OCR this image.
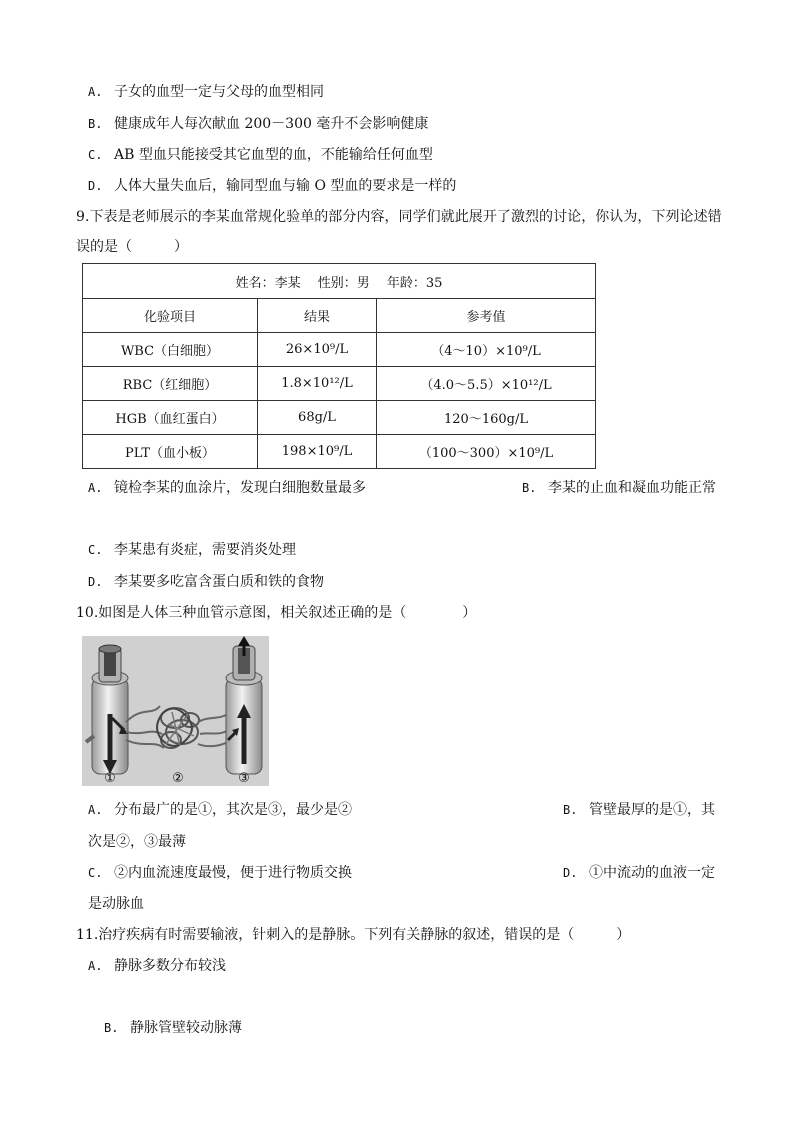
A. 子女的血型一定与父母的血型相同
B. 健康成年人每次献血 200－300 毫升不会影响健康
C. AB 型血只能接受其它血型的血，不能输给任何血型
D. 人体大量失血后，输同型血与输 O 型血的要求是一样的
9.下表是老师展示的李某血常规化验单的部分内容，同学们就此展开了激烈的讨论，你认为，下列论述错
误的是（　　　）
姓名：李某　 性别：男　 年龄：35		
化验项目	结果	参考值
WBC（白细胞）	26×10⁹/L	（4～10）×10⁹/L
RBC（红细胞）	1.8×10¹²/L	（4.0～5.5）×10¹²/L
HGB（血红蛋白）	68g/L	120～160g/L
PLT（血小板）	198×10⁹/L	（100～300）×10⁹/L
A. 镜检李某的血涂片，发现白细胞数量最多	B. 李某的止血和凝血功能正常
C. 李某患有炎症，需要消炎处理
D. 李某要多吃富含蛋白质和铁的食物
10.如图是人体三种血管示意图，相关叙述正确的是（　　　　）
①	②	③
A. 分布最广的是①，其次是③，最少是②	B. 管壁最厚的是①，其
次是②，③最薄
C. ②内血流速度最慢，便于进行物质交换	D. ①中流动的血液一定
是动脉血
11.治疗疾病有时需要输液，针刺入的是静脉。下列有关静脉的叙述，错误的是（　　　）
A. 静脉多数分布较浅
B. 静脉管壁较动脉薄
